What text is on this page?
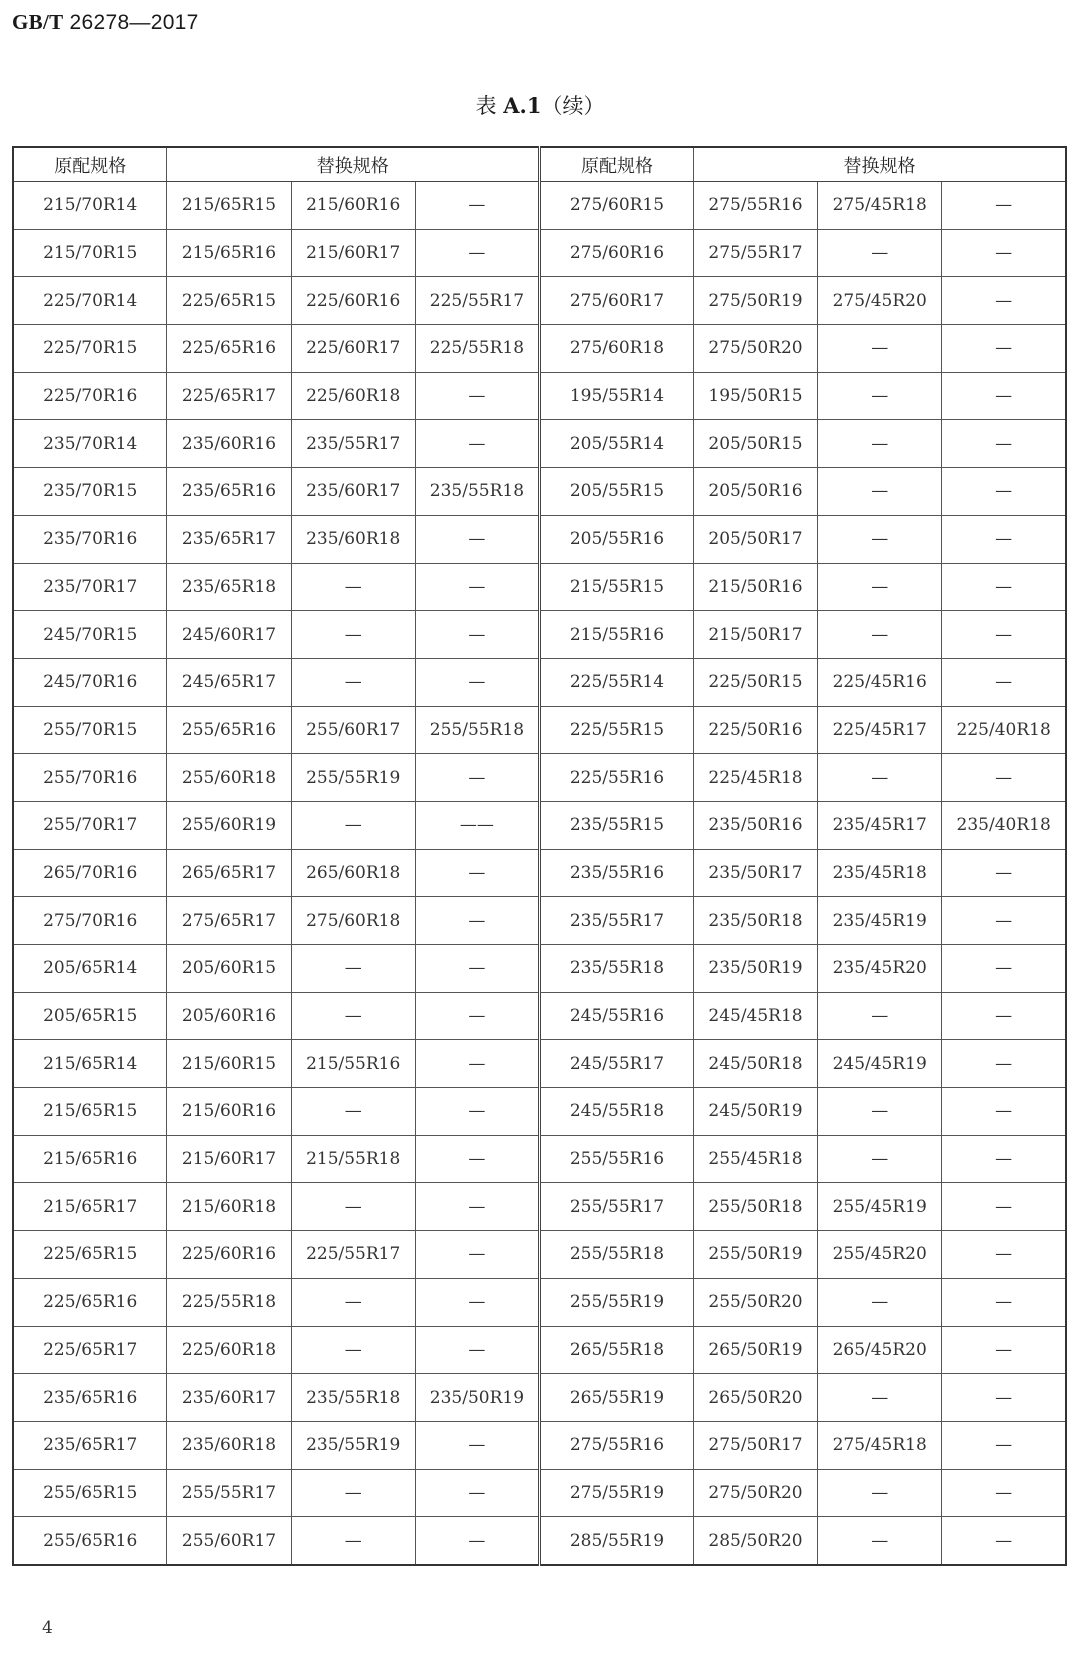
GB/T 26278—2017
表 A.1（续）
原配规格	替换规格			原配规格	替换规格		
215/70R14	215/65R15	215/60R16	—	275/60R15	275/55R16	275/45R18	—
215/70R15	215/65R16	215/60R17	—	275/60R16	275/55R17	—	—
225/70R14	225/65R15	225/60R16	225/55R17	275/60R17	275/50R19	275/45R20	—
225/70R15	225/65R16	225/60R17	225/55R18	275/60R18	275/50R20	—	—
225/70R16	225/65R17	225/60R18	—	195/55R14	195/50R15	—	—
235/70R14	235/60R16	235/55R17	—	205/55R14	205/50R15	—	—
235/70R15	235/65R16	235/60R17	235/55R18	205/55R15	205/50R16	—	—
235/70R16	235/65R17	235/60R18	—	205/55R16	205/50R17	—	—
235/70R17	235/65R18	—	—	215/55R15	215/50R16	—	—
245/70R15	245/60R17	—	—	215/55R16	215/50R17	—	—
245/70R16	245/65R17	—	—	225/55R14	225/50R15	225/45R16	—
255/70R15	255/65R16	255/60R17	255/55R18	225/55R15	225/50R16	225/45R17	225/40R18
255/70R16	255/60R18	255/55R19	—	225/55R16	225/45R18	—	—
255/70R17	255/60R19	—	——	235/55R15	235/50R16	235/45R17	235/40R18
265/70R16	265/65R17	265/60R18	—	235/55R16	235/50R17	235/45R18	—
275/70R16	275/65R17	275/60R18	—	235/55R17	235/50R18	235/45R19	—
205/65R14	205/60R15	—	—	235/55R18	235/50R19	235/45R20	—
205/65R15	205/60R16	—	—	245/55R16	245/45R18	—	—
215/65R14	215/60R15	215/55R16	—	245/55R17	245/50R18	245/45R19	—
215/65R15	215/60R16	—	—	245/55R18	245/50R19	—	—
215/65R16	215/60R17	215/55R18	—	255/55R16	255/45R18	—	—
215/65R17	215/60R18	—	—	255/55R17	255/50R18	255/45R19	—
225/65R15	225/60R16	225/55R17	—	255/55R18	255/50R19	255/45R20	—
225/65R16	225/55R18	—	—	255/55R19	255/50R20	—	—
225/65R17	225/60R18	—	—	265/55R18	265/50R19	265/45R20	—
235/65R16	235/60R17	235/55R18	235/50R19	265/55R19	265/50R20	—	—
235/65R17	235/60R18	235/55R19	—	275/55R16	275/50R17	275/45R18	—
255/65R15	255/55R17	—	—	275/55R19	275/50R20	—	—
255/65R16	255/60R17	—	—	285/55R19	285/50R20	—	—
4
